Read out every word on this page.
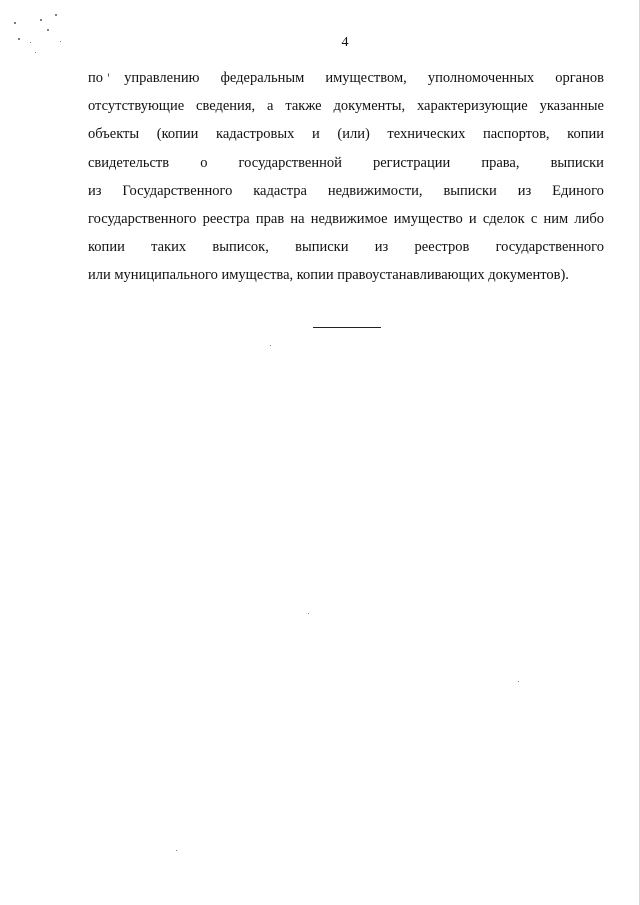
4
по управлению федеральным имуществом, уполномоченных органов
отсутствующие сведения, а также документы, характеризующие указанные
объекты (копии кадастровых и (или) технических паспортов, копии
свидетельств о государственной регистрации права, выписки
из Государственного кадастра недвижимости, выписки из Единого
государственного реестра прав на недвижимое имущество и сделок с ним либо
копии таких выписок, выписки из реестров государственного
или муниципального имущества, копии правоустанавливающих документов).
